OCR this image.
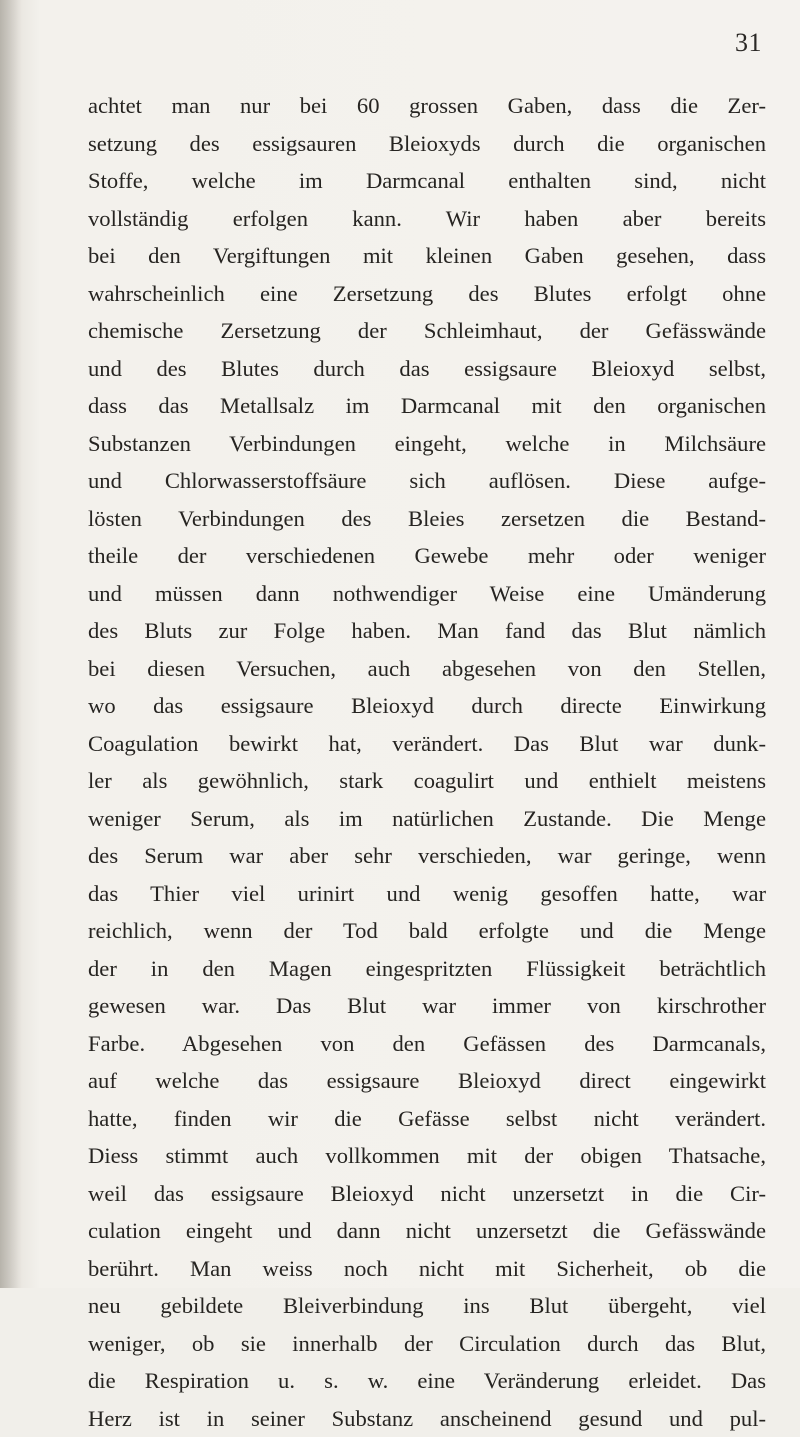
31
achtet man nur bei 60 grossen Gaben, dass die Zer-
setzung des essigsauren Bleioxyds durch die organischen
Stoffe, welche im Darmcanal enthalten sind, nicht
vollständig erfolgen kann. Wir haben aber bereits
bei den Vergiftungen mit kleinen Gaben gesehen, dass
wahrscheinlich eine Zersetzung des Blutes erfolgt ohne
chemische Zersetzung der Schleimhaut, der Gefässwände
und des Blutes durch das essigsaure Bleioxyd selbst,
dass das Metallsalz im Darmcanal mit den organischen
Substanzen Verbindungen eingeht, welche in Milchsäure
und Chlorwasserstoffsäure sich auflösen. Diese aufge-
lösten Verbindungen des Bleies zersetzen die Bestand-
theile der verschiedenen Gewebe mehr oder weniger
und müssen dann nothwendiger Weise eine Umänderung
des Bluts zur Folge haben. Man fand das Blut nämlich
bei diesen Versuchen, auch abgesehen von den Stellen,
wo das essigsaure Bleioxyd durch directe Einwirkung
Coagulation bewirkt hat, verändert. Das Blut war dunk-
ler als gewöhnlich, stark coagulirt und enthielt meistens
weniger Serum, als im natürlichen Zustande. Die Menge
des Serum war aber sehr verschieden, war geringe, wenn
das Thier viel urinirt und wenig gesoffen hatte, war
reichlich, wenn der Tod bald erfolgte und die Menge
der in den Magen eingespritzten Flüssigkeit beträchtlich
gewesen war. Das Blut war immer von kirschrother
Farbe. Abgesehen von den Gefässen des Darmcanals,
auf welche das essigsaure Bleioxyd direct eingewirkt
hatte, finden wir die Gefässe selbst nicht verändert.
Diess stimmt auch vollkommen mit der obigen Thatsache,
weil das essigsaure Bleioxyd nicht unzersetzt in die Cir-
culation eingeht und dann nicht unzersetzt die Gefässwände
berührt. Man weiss noch nicht mit Sicherheit, ob die
neu gebildete Bleiverbindung ins Blut übergeht, viel
weniger, ob sie innerhalb der Circulation durch das Blut,
die Respiration u. s. w. eine Veränderung erleidet. Das
Herz ist in seiner Substanz anscheinend gesund und pul-
